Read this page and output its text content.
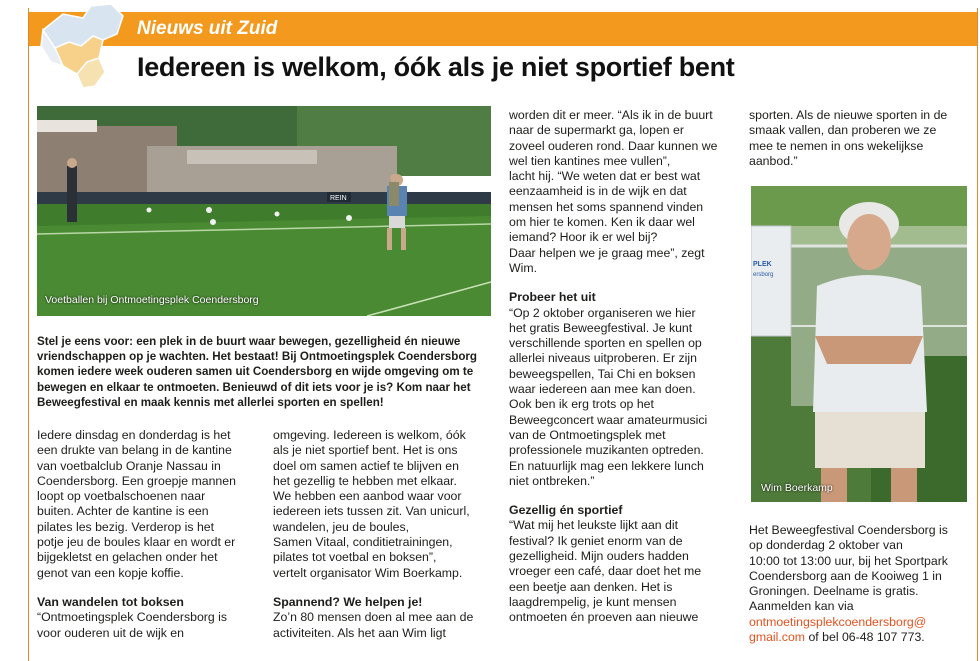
Nieuws uit Zuid
Iedereen is welkom, óók als je niet sportief bent
REIN
Voetballen bij Ontmoetingsplek Coendersborg
PLEK
ersborg
Wim Boerkamp
Stel je eens voor: een plek in de buurt waar bewegen, gezelligheid én nieuwe vriendschappen op je wachten. Het bestaat! Bij Ontmoetingsplek Coendersborg komen iedere week ouderen samen uit Coendersborg en wijde omgeving om te bewegen en elkaar te ontmoeten. Benieuwd of dit iets voor je is? Kom naar het Beweegfestival en maak kennis met allerlei sporten en spellen!

Iedere dinsdag en donderdag is het

een drukte van belang in de kantine

van voetbalclub Oranje Nassau in

Coendersborg. Een groepje mannen

loopt op voetbalschoenen naar

buiten. Achter de kantine is een

pilates les bezig. Verderop is het

potje jeu de boules klaar en wordt er

bijgekletst en gelachen onder het

genot van een kopje koffie.

Van wandelen tot boksen

“Ontmoetingsplek Coendersborg is

voor ouderen uit de wijk en

omgeving. Iedereen is welkom, óók

als je niet sportief bent. Het is ons

doel om samen actief te blijven en

het gezellig te hebben met elkaar.

We hebben een aanbod waar voor

iedereen iets tussen zit. Van unicurl,

wandelen, jeu de boules,

Samen Vitaal, conditietrainingen,

pilates tot voetbal en boksen”,

vertelt organisator Wim Boerkamp.

Spannend? We helpen je!

Zo’n 80 mensen doen al mee aan de

activiteiten. Als het aan Wim ligt

worden dit er meer. “Als ik in de buurt

naar de supermarkt ga, lopen er

zoveel ouderen rond. Daar kunnen we

wel tien kantines mee vullen”,

lacht hij. “We weten dat er best wat

eenzaamheid is in de wijk en dat

mensen het soms spannend vinden

om hier te komen. Ken ik daar wel

iemand? Hoor ik er wel bij?

Daar helpen we je graag mee”, zegt

Wim.

Probeer het uit

“Op 2 oktober organiseren we hier

het gratis Beweegfestival. Je kunt

verschillende sporten en spellen op

allerlei niveaus uitproberen. Er zijn

beweegspellen, Tai Chi en boksen

waar iedereen aan mee kan doen.

Ook ben ik erg trots op het

Beweegconcert waar amateurmusici

van de Ontmoetingsplek met

professionele muzikanten optreden.

En natuurlijk mag een lekkere lunch

niet ontbreken.”

Gezellig én sportief

“Wat mij het leukste lijkt aan dit

festival? Ik geniet enorm van de

gezelligheid. Mijn ouders hadden

vroeger een café, daar doet het me

een beetje aan denken. Het is

laagdrempelig, je kunt mensen

ontmoeten én proeven aan nieuwe

sporten. Als de nieuwe sporten in de

smaak vallen, dan proberen we ze

mee te nemen in ons wekelijkse

aanbod.”

Het Beweegfestival Coendersborg is

op donderdag 2 oktober van

10:00 tot 13:00 uur, bij het Sportpark

Coendersborg aan de Kooiweg 1 in

Groningen. Deelname is gratis.

Aanmelden kan via

ontmoetingsplekcoendersborg@

gmail.com of bel 06-48 107 773.
